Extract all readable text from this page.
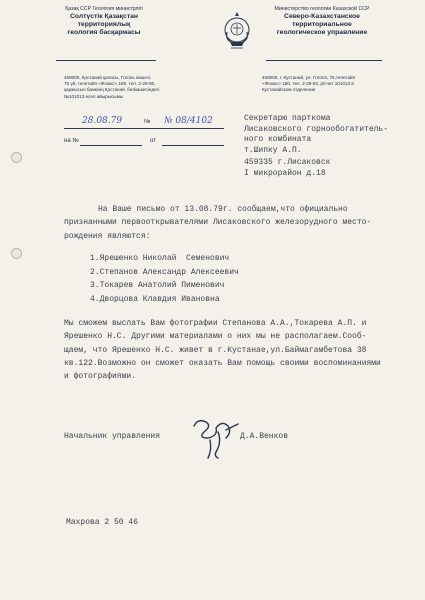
Қазақ ССР Геология министрлігі
Солтүстік Қазақстан
территориялық
геология басқармасы
Министерство геологии Казахской ССР
Северо-Казахстанское
территориальное
геологическое управление
458000, Қостанай қаласы, Гоголь көшесі,
75 үй, телетайп «Флюкс» 180, тел. 2-29-80,
қаржысын банкінің Қостанай, бөлімшесіндегі
№101013 есеп айырысымы
458000, г. Кустанай, ул. Гоголя, 75,телетайп
«Флюкс» 180, тел. 2-29-84, р/счет 101013 в
Кустанайском отделении
28.08.79	№ № 08/4102
на №	от
Секретарю парткома
Лисаковского горнообогатитель-
ного комбината
т.Шипку А.П.
459335 г.Лисаковск
I микрорайон д.18
На Ваше письмо от 13.08.79г. сообщаем,что официально
признанными первооткрывателями Лисаковского железорудного место-
рождения являются:
1.Ярешенко Николай  Семенович
2.Степанов Александр Алексеевич
3.Токарев Анатолий Пименович
4.Дворцова Клавдия Ивановна
Мы сможем выслать Вам фотографии Степанова А.А.,Токарева А.П. и
Ярешенко Н.С. Другими материалами о них мы не располагаем.Сооб-
щаем, что Ярешенко Н.С. живет в г.Кустанае,ул.Баймагамбетова 38
кв.122.Возможно он сможет оказать Вам помощь своими воспоминаниями
и фотографиями.
Начальник управления	Д.А.Венков
Махрова 2 50 46
